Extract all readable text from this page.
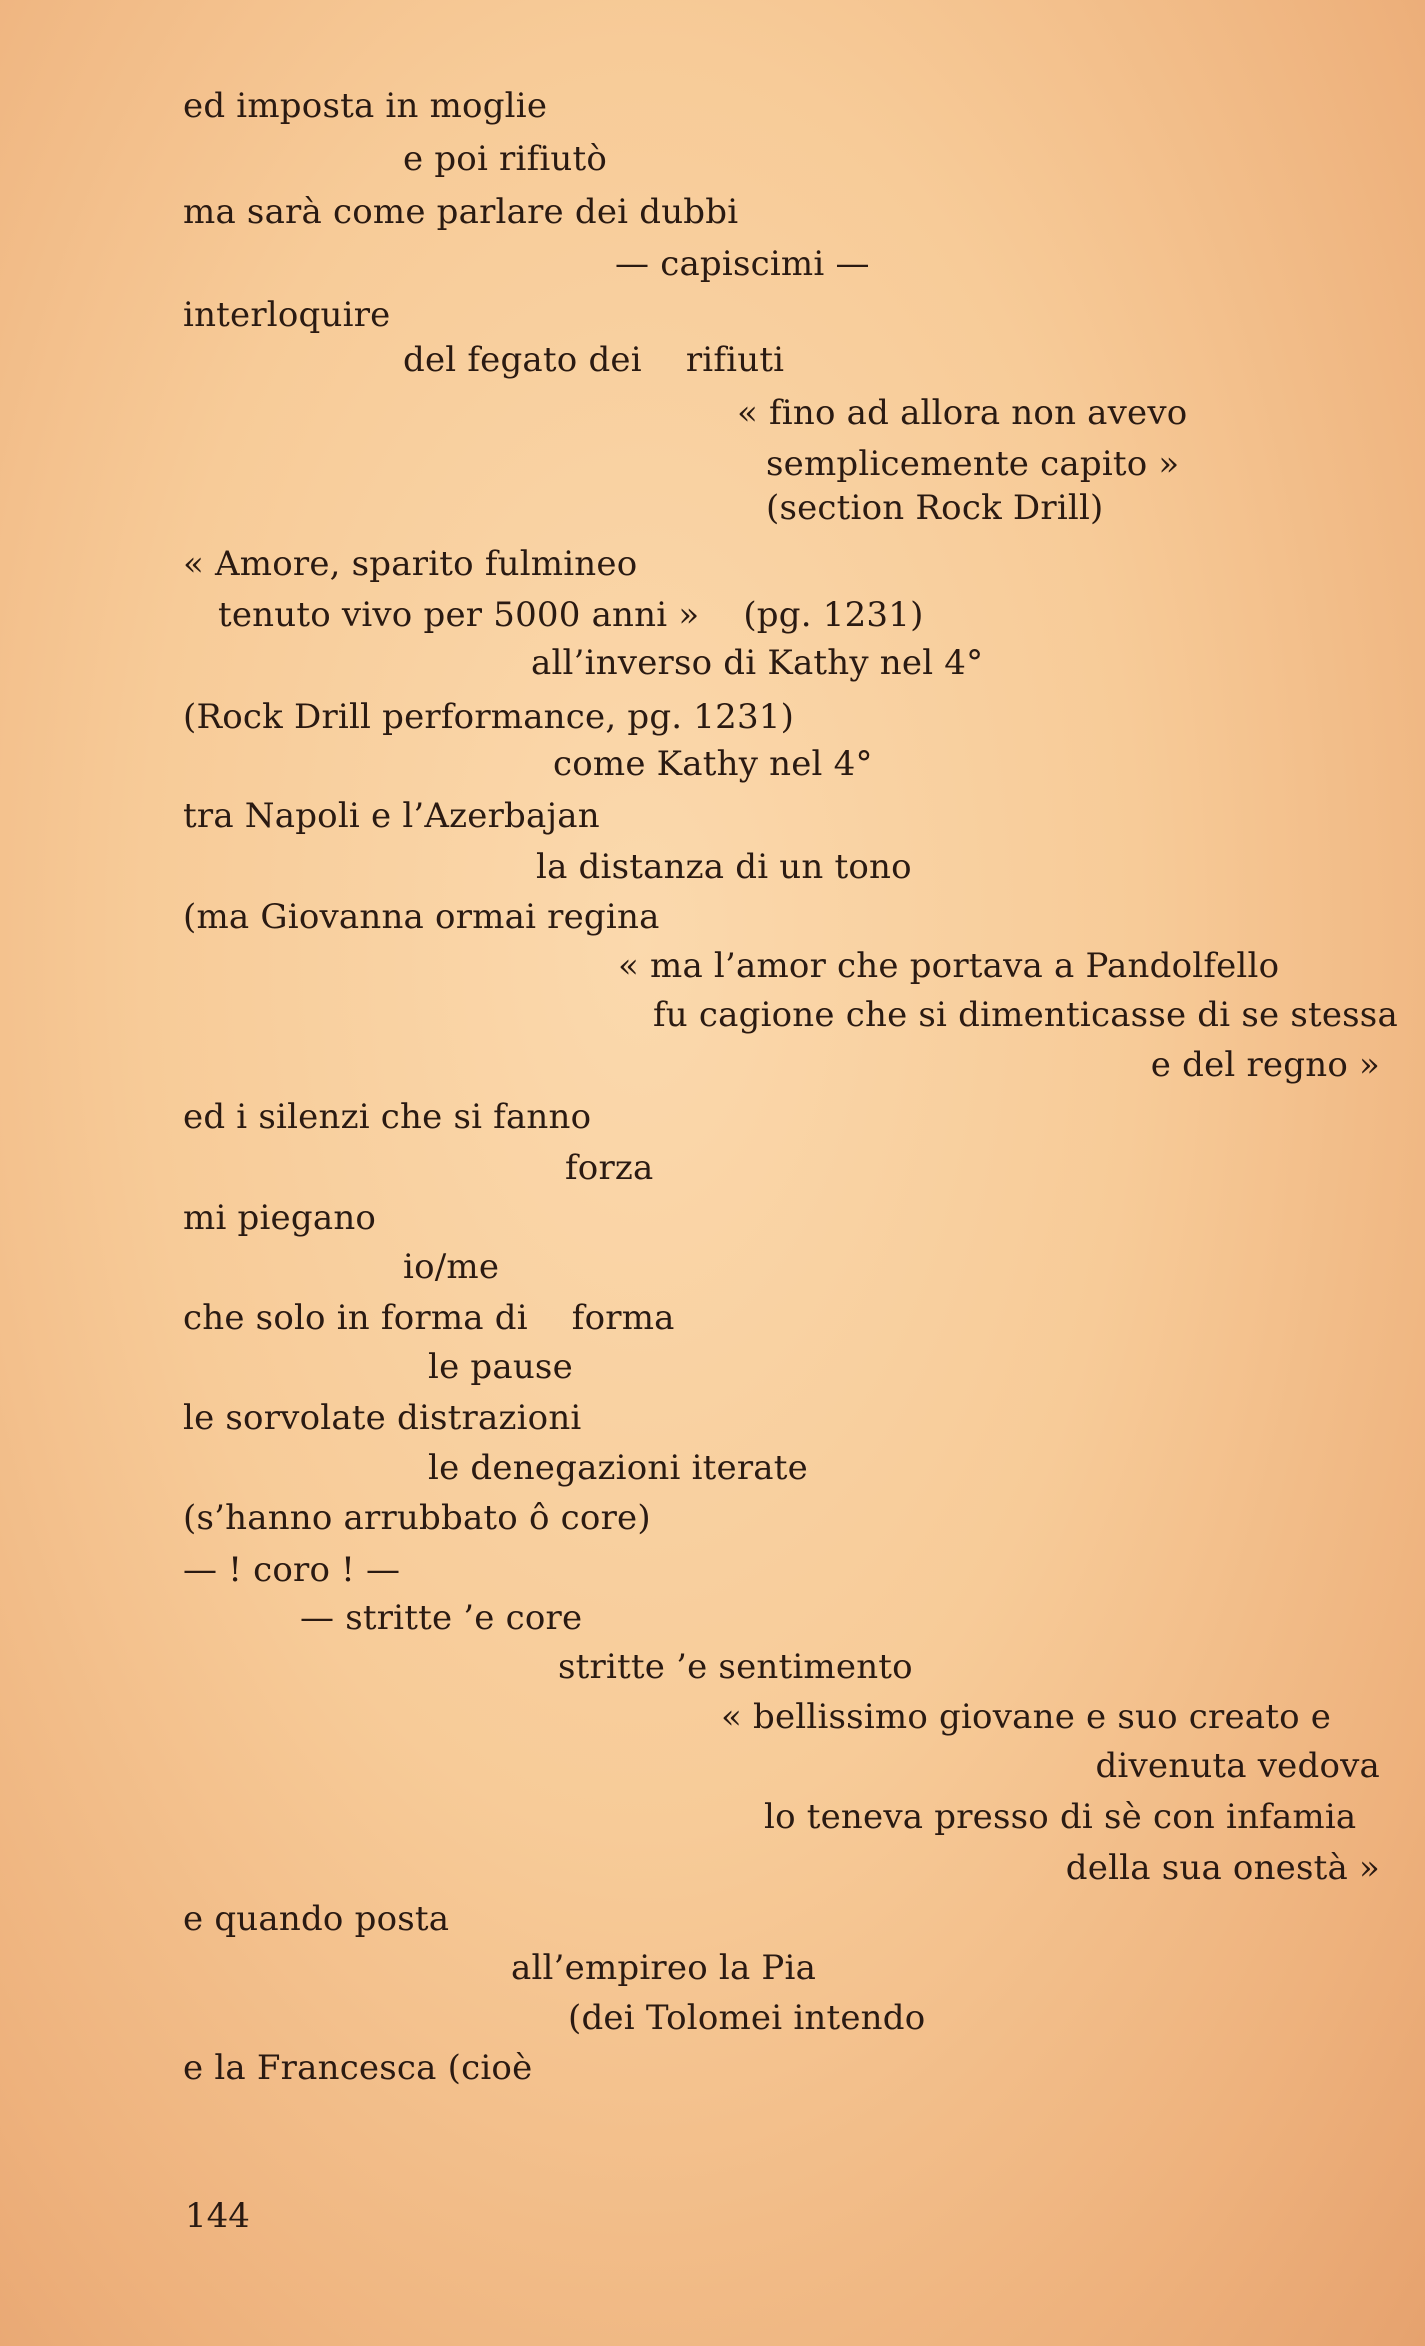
ed imposta in moglie
e poi rifiutò
ma sarà come parlare dei dubbi
— capiscimi —
interloquire
del fegato dei    rifiuti
« fino ad allora non avevo
semplicemente capito »
(section Rock Drill)
« Amore, sparito fulmineo
tenuto vivo per 5000 anni »    (pg. 1231)
all’inverso di Kathy nel 4°
(Rock Drill performance, pg. 1231)
come Kathy nel 4°
tra Napoli e l’Azerbajan
la distanza di un tono
(ma Giovanna ormai regina
« ma l’amor che portava a Pandolfello
fu cagione che si dimenticasse di se stessa
e del regno »
ed i silenzi che si fanno
forza
mi piegano
io/me
che solo in forma di    forma
le pause
le sorvolate distrazioni
le denegazioni iterate
(s’hanno arrubbato ô core)
— ! coro ! —
— stritte ’e core
stritte ’e sentimento
« bellissimo giovane e suo creato e
divenuta vedova
lo teneva presso di sè con infamia
della sua onestà »
e quando posta
all’empireo la Pia
(dei Tolomei intendo
e la Francesca (cioè
144
